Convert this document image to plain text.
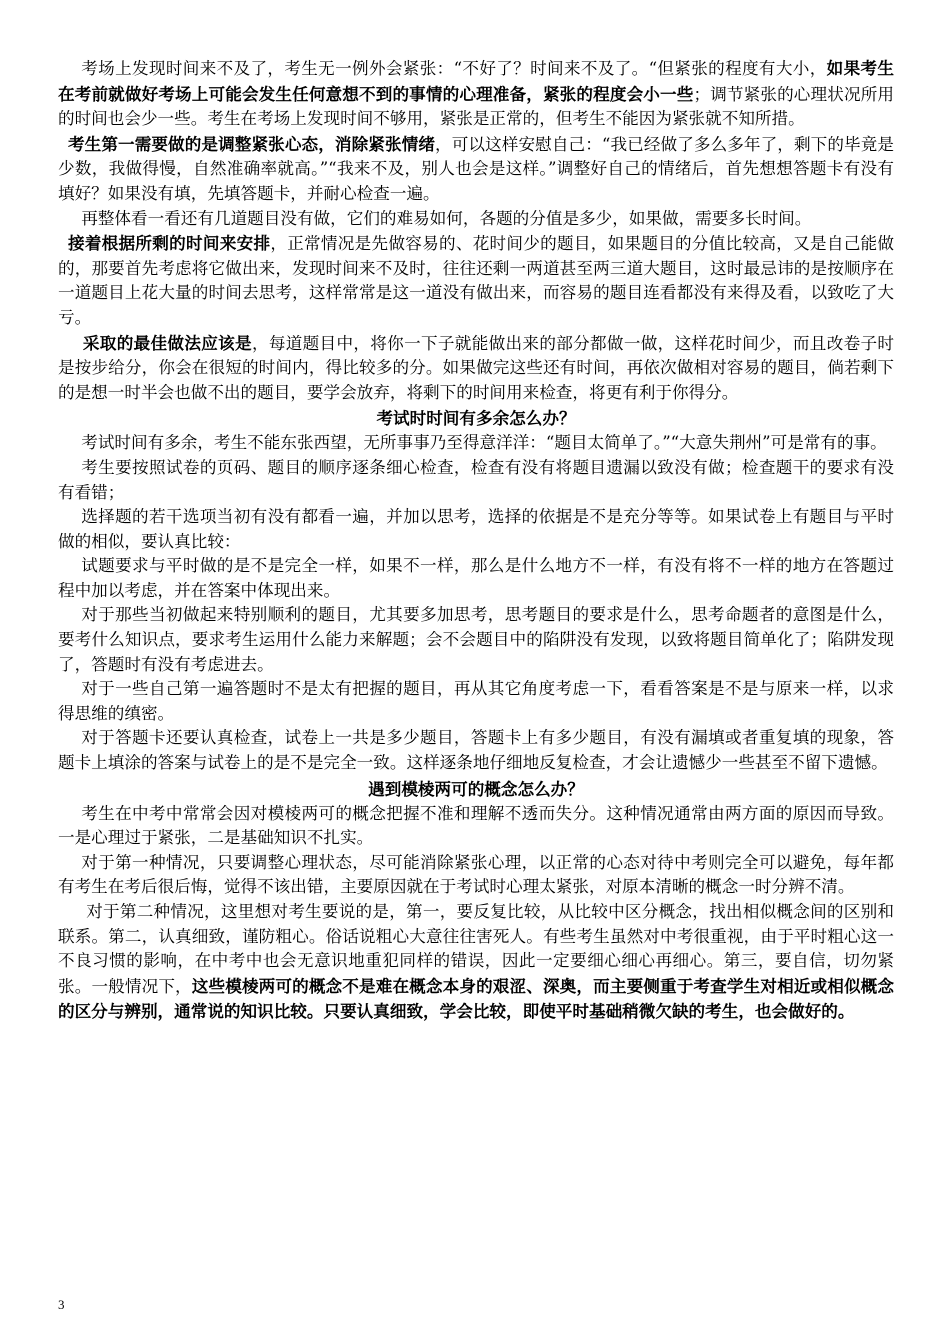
考场上发现时间来不及了，考生无一例外会紧张：“不好了？时间来不及了。“但紧张的程度有大小，如果考生在考前就做好考场上可能会发生任何意想不到的事情的心理准备，紧张的程度会小一些；调节紧张的心理状况所用的时间也会少一些。考生在考场上发现时间不够用，紧张是正常的，但考生不能因为紧张就不知所措。

考生第一需要做的是调整紧张心态，消除紧张情绪，可以这样安慰自己：“我已经做了多么多年了，剩下的毕竟是少数，我做得慢，自然准确率就高。”“我来不及，别人也会是这样。”调整好自己的情绪后，首先想想答题卡有没有填好？如果没有填，先填答题卡，并耐心检查一遍。

再整体看一看还有几道题目没有做，它们的难易如何，各题的分值是多少，如果做，需要多长时间。

接着根据所剩的时间来安排，正常情况是先做容易的、花时间少的题目，如果题目的分值比较高，又是自己能做的，那要首先考虑将它做出来，发现时间来不及时，往往还剩一两道甚至两三道大题目，这时最忌讳的是按顺序在一道题目上花大量的时间去思考，这样常常是这一道没有做出来，而容易的题目连看都没有来得及看，以致吃了大亏。

采取的最佳做法应该是，每道题目中，将你一下子就能做出来的部分都做一做，这样花时间少，而且改卷子时是按步给分，你会在很短的时间内，得比较多的分。如果做完这些还有时间，再依次做相对容易的题目，倘若剩下的是想一时半会也做不出的题目，要学会放弃，将剩下的时间用来检查，将更有利于你得分。

考试时时间有多余怎么办？

考试时间有多余，考生不能东张西望，无所事事乃至得意洋洋：“题目太简单了。”“大意失荆州”可是常有的事。

考生要按照试卷的页码、题目的顺序逐条细心检查，检查有没有将题目遗漏以致没有做；检查题干的要求有没有看错；

选择题的若干选项当初有没有都看一遍，并加以思考，选择的依据是不是充分等等。如果试卷上有题目与平时做的相似，要认真比较：

试题要求与平时做的是不是完全一样，如果不一样，那么是什么地方不一样，有没有将不一样的地方在答题过程中加以考虑，并在答案中体现出来。

对于那些当初做起来特别顺利的题目，尤其要多加思考，思考题目的要求是什么，思考命题者的意图是什么，要考什么知识点，要求考生运用什么能力来解题；会不会题目中的陷阱没有发现，以致将题目简单化了；陷阱发现了，答题时有没有考虑进去。

对于一些自己第一遍答题时不是太有把握的题目，再从其它角度考虑一下，看看答案是不是与原来一样，以求得思维的缜密。

对于答题卡还要认真检查，试卷上一共是多少题目，答题卡上有多少题目，有没有漏填或者重复填的现象，答题卡上填涂的答案与试卷上的是不是完全一致。这样逐条地仔细地反复检查，才会让遗憾少一些甚至不留下遗憾。

遇到模棱两可的概念怎么办？

考生在中考中常常会因对模棱两可的概念把握不准和理解不透而失分。这种情况通常由两方面的原因而导致。一是心理过于紧张，二是基础知识不扎实。

对于第一种情况，只要调整心理状态，尽可能消除紧张心理，以正常的心态对待中考则完全可以避免，每年都有考生在考后很后悔，觉得不该出错，主要原因就在于考试时心理太紧张，对原本清晰的概念一时分辨不清。

对于第二种情况，这里想对考生要说的是，第一，要反复比较，从比较中区分概念，找出相似概念间的区别和联系。第二，认真细致，谨防粗心。俗话说粗心大意往往害死人。有些考生虽然对中考很重视，由于平时粗心这一不良习惯的影响，在中考中也会无意识地重犯同样的错误，因此一定要细心细心再细心。第三，要自信，切勿紧张。一般情况下，这些模棱两可的概念不是难在概念本身的艰涩、深奥，而主要侧重于考查学生对相近或相似概念的区分与辨别，通常说的知识比较。只要认真细致，学会比较，即使平时基础稍微欠缺的考生，也会做好的。

3
